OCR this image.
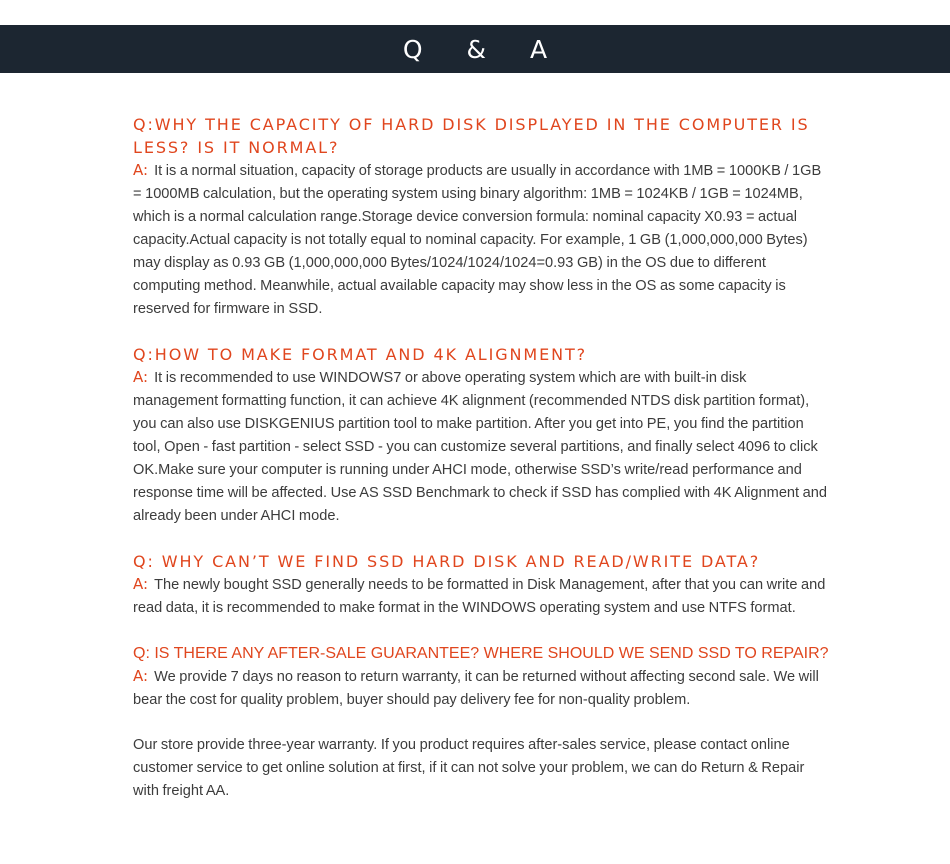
Q & A

Q:WHY THE CAPACITY OF HARD DISK DISPLAYED IN THE COMPUTER IS LESS? IS IT NORMAL?

A: It is a normal situation, capacity of storage products are usually in accordance with 1MB = 1000KB / 1GB = 1000MB calculation, but the operating system using binary algorithm: 1MB = 1024KB / 1GB = 1024MB, which is a normal calculation range.Storage device conversion formula: nominal capacity X0.93 = actual capacity.Actual capacity is not totally equal to nominal capacity. For example, 1 GB (1,000,000,000 Bytes) may display as 0.93 GB (1,000,000,000 Bytes/1024/1024/1024=0.93 GB) in the OS due to different computing method. Meanwhile, actual available capacity may show less in the OS as some capacity is reserved for firmware in SSD.

Q:HOW TO MAKE FORMAT AND 4K ALIGNMENT?

A: It is recommended to use WINDOWS7 or above operating system which are with built-in disk management formatting function, it can achieve 4K alignment (recommended NTDS disk partition format), you can also use DISKGENIUS partition tool to make partition. After you get into PE, you find the partition tool, Open - fast partition - select SSD - you can customize several partitions, and finally select 4096 to click OK.Make sure your computer is running under AHCI mode, otherwise SSD’s write/read performance and response time will be affected. Use AS SSD Benchmark to check if SSD has complied with 4K Alignment and already been under AHCI mode.

Q: WHY CAN’T WE FIND SSD HARD DISK AND READ/WRITE DATA?

A: The newly bought SSD generally needs to be formatted in Disk Management, after that you can write and read data, it is recommended to make format in the WINDOWS operating system and use NTFS format.

Q: IS THERE ANY AFTER-SALE GUARANTEE? WHERE SHOULD WE SEND SSD TO REPAIR?

A: We provide 7 days no reason to return warranty, it can be returned without affecting second sale. We will bear the cost for quality problem, buyer should pay delivery fee for non-quality problem.

Our store provide three-year warranty. If you product requires after-sales service, please contact online customer service to get online solution at first, if it can not solve your problem, we can do Return & Repair with freight AA.
